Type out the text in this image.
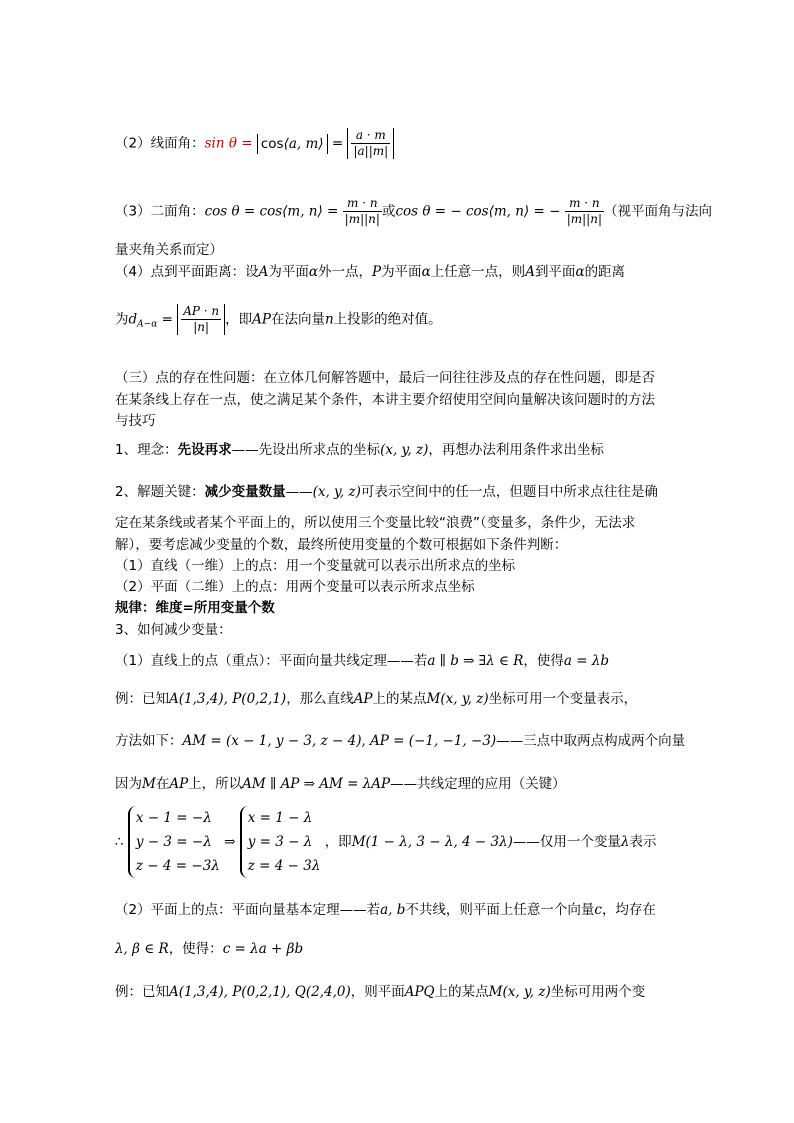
（2）线面角：sin θ = cos⟨a, m⟩ = $\frac{a \cdot m}{|a||m|}$
（3）二面角：cos θ = cos⟨m, n⟩ = $\frac{m \cdot n}{|m||n|}$ 或cos θ = − cos⟨m, n⟩ = − $\frac{m \cdot n}{|m||n|}$ （视平面角与法向
量夹角关系而定）
（4）点到平面距离：设A为平面α外一点，P为平面α上任意一点，则A到平面α的距离
为$d_{A-\alpha} = \frac{AP \cdot n}{|n|}$ ，即AP在法向量n上投影的绝对值。
（三）点的存在性问题：在立体几何解答题中，最后一问往往涉及点的存在性问题，即是否
在某条线上存在一点，使之满足某个条件，本讲主要介绍使用空间向量解决该问题时的方法
与技巧
1、理念：先设再求——先设出所求点的坐标(x, y, z)，再想办法利用条件求出坐标
2、解题关键：减少变量数量——(x, y, z)可表示空间中的任一点，但题目中所求点往往是确
定在某条线或者某个平面上的，所以使用三个变量比较“浪费”（变量多，条件少，无法求
解），要考虑减少变量的个数，最终所使用变量的个数可根据如下条件判断：
（1）直线（一维）上的点：用一个变量就可以表示出所求点的坐标
（2）平面（二维）上的点：用两个变量可以表示所求点坐标
规律：维度=所用变量个数
3、如何减少变量：
（1）直线上的点（重点）：平面向量共线定理——若a ∥ b ⇒ ∃λ ∈ R，使得a = λb
例：已知A(1,3,4), P(0,2,1)，那么直线AP上的某点M(x, y, z)坐标可用一个变量表示，
方法如下：AM = (x − 1, y − 3, z − 4), AP = (−1, −1, −3)——三点中取两点构成两个向量
因为M在AP上，所以AM ∥ AP ⇒ AM = λAP——共线定理的应用（关键）
∴
x − 1 = −λ
y − 3 = −λ
z − 4 = −3λ
⇒
x = 1 − λ
y = 3 − λ
z = 4 − 3λ
，即M(1 − λ, 3 − λ, 4 − 3λ)——仅用一个变量λ表示
（2）平面上的点：平面向量基本定理——若a, b不共线，则平面上任意一个向量c，均存在
λ, β ∈ R，使得：c = λa + βb
例：已知A(1,3,4), P(0,2,1), Q(2,4,0)，则平面APQ上的某点M(x, y, z)坐标可用两个变
